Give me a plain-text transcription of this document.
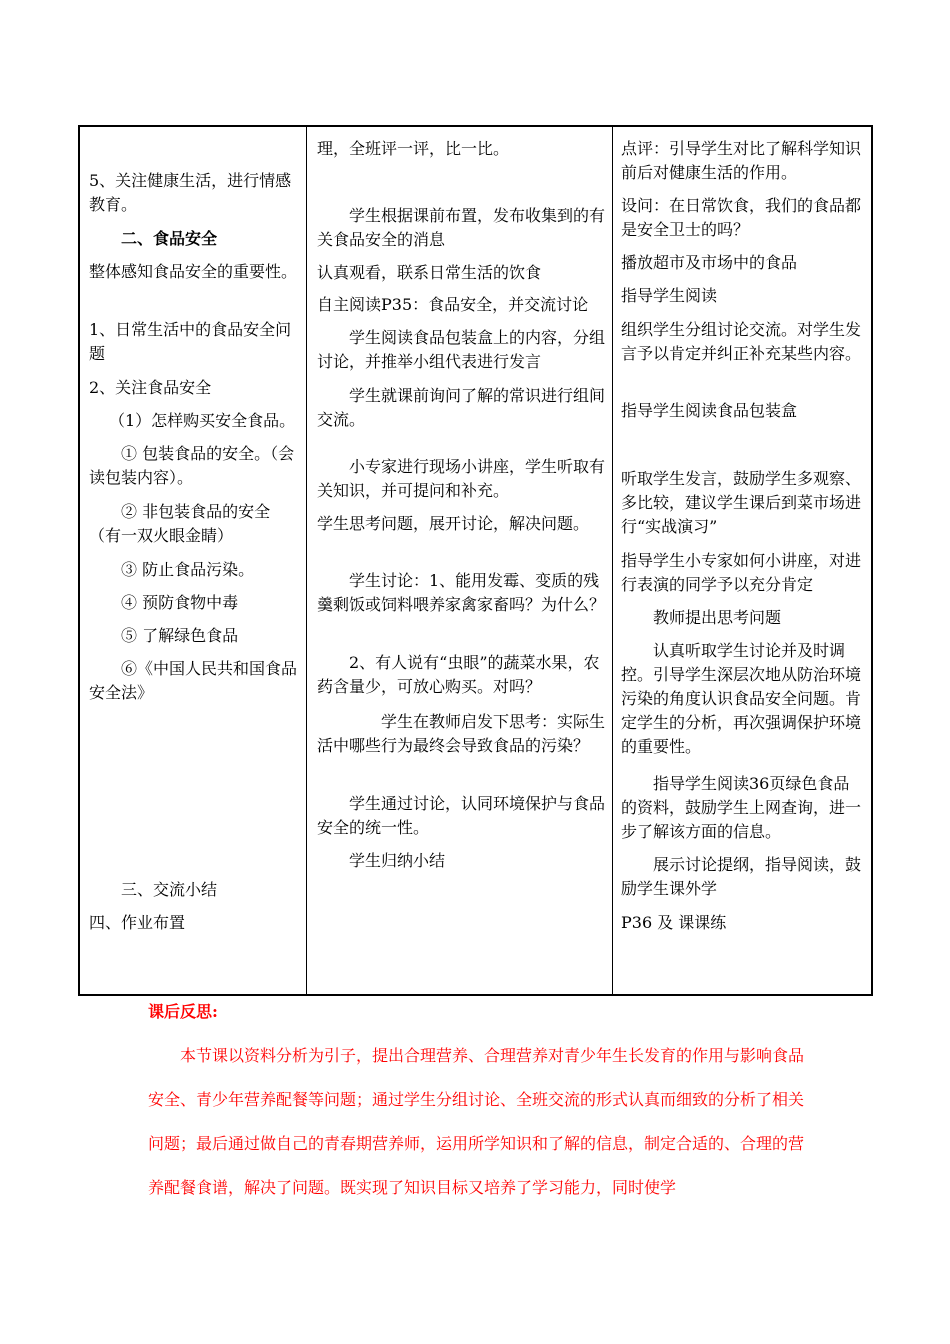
5、关注健康生活，进行情感教育。

二、食品安全

整体感知食品安全的重要性。

1、日常生活中的食品安全问题

2、关注食品安全

（1）怎样购买安全食品。

① 包装食品的安全。（会读包装内容）。

② 非包装食品的安全（有一双火眼金睛）

③ 防止食品污染。

④ 预防食物中毒

⑤ 了解绿色食品

⑥《中国人民共和国食品安全法》

三、交流小结

四、作业布置

理，全班评一评，比一比。

学生根据课前布置，发布收集到的有关食品安全的消息

认真观看，联系日常生活的饮食

自主阅读P35：食品安全，并交流讨论

学生阅读食品包装盒上的内容，分组讨论，并推举小组代表进行发言

学生就课前询问了解的常识进行组间交流。

小专家进行现场小讲座，学生听取有关知识，并可提问和补充。

学生思考问题，展开讨论，解决问题。

学生讨论：1、能用发霉、变质的残羹剩饭或饲料喂养家禽家畜吗？为什么？

2、有人说有“虫眼”的蔬菜水果，农药含量少，可放心购买。对吗？

学生在教师启发下思考：实际生活中哪些行为最终会导致食品的污染？

学生通过讨论，认同环境保护与食品安全的统一性。

学生归纳小结

点评：引导学生对比了解科学知识前后对健康生活的作用。

设问：在日常饮食，我们的食品都是安全卫士的吗？

播放超市及市场中的食品

指导学生阅读

组织学生分组讨论交流。对学生发言予以肯定并纠正补充某些内容。

指导学生阅读食品包装盒

听取学生发言，鼓励学生多观察、多比较，建议学生课后到菜市场进行“实战演习”

指导学生小专家如何小讲座，对进行表演的同学予以充分肯定

教师提出思考问题

认真听取学生讨论并及时调控。引导学生深层次地从防治环境污染的角度认识食品安全问题。肯定学生的分析，再次强调保护环境的重要性。

指导学生阅读36页绿色食品的资料，鼓励学生上网查询，进一步了解该方面的信息。

展示讨论提纲，指导阅读，鼓励学生课外学

P36 及 课课练

课后反思:

本节课以资料分析为引子，提出合理营养、合理营养对青少年生长发育的作用与影响食品安全、青少年营养配餐等问题；通过学生分组讨论、全班交流的形式认真而细致的分析了相关问题；最后通过做自己的青春期营养师，运用所学知识和了解的信息，制定合适的、合理的营养配餐食谱，解决了问题。既实现了知识目标又培养了学习能力，同时使学
